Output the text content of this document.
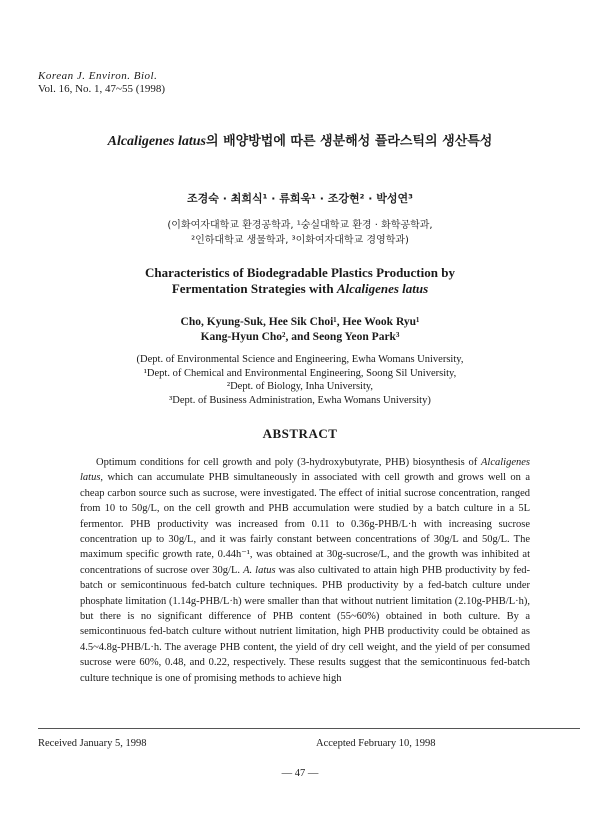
Korean J. Environ. Biol.
Vol. 16, No. 1, 47~55 (1998)
Alcaligenes latus의 배양방법에 따른 생분해성 플라스틱의 생산특성
조경숙 · 최희식¹ · 류희욱¹ · 조강현² · 박성연³
(이화여자대학교 환경공학과, ¹숭실대학교 환경 · 화학공학과,
²인하대학교 생물학과, ³이화여자대학교 경영학과)
Characteristics of Biodegradable Plastics Production by
Fermentation Strategies with Alcaligenes latus
Cho, Kyung-Suk, Hee Sik Choi¹, Hee Wook Ryu¹
Kang-Hyun Cho², and Seong Yeon Park³
(Dept. of Environmental Science and Engineering, Ewha Womans University,
¹Dept. of Chemical and Environmental Engineering, Soong Sil University,
²Dept. of Biology, Inha University,
³Dept. of Business Administration, Ewha Womans University)
ABSTRACT

Optimum conditions for cell growth and poly (3-hydroxybutyrate, PHB) biosynthesis of Alcaligenes latus, which can accumulate PHB simultaneously in associated with cell growth and grows well on a cheap carbon source such as sucrose, were investigated. The effect of initial sucrose concentration, ranged from 10 to 50g/L, on the cell growth and PHB accumulation were studied by a batch culture in a 5L fermentor. PHB productivity was increased from 0.11 to 0.36g-PHB/L·h with increasing sucrose concentration up to 30g/L, and it was fairly constant between concentrations of 30g/L and 50g/L. The maximum specific growth rate, 0.44h⁻¹, was obtained at 30g-sucrose/L, and the growth was inhibited at concentrations of sucrose over 30g/L. A. latus was also cultivated to attain high PHB productivity by fed-batch or semicontinuous fed-batch culture techniques. PHB productivity by a fed-batch culture under phosphate limitation (1.14g-PHB/L·h) were smaller than that without nutrient limitation (2.10g-PHB/L·h), but there is no significant difference of PHB content (55~60%) obtained in both culture. By a semicontinuous fed-batch culture without nutrient limitation, high PHB productivity could be obtained as 4.5~4.8g-PHB/L·h. The average PHB content, the yield of dry cell weight, and the yield of per consumed sucrose were 60%, 0.48, and 0.22, respectively. These results suggest that the semicontinuous fed-batch culture technique is one of promising methods to achieve high

Received January 5, 1998	Accepted February 10, 1998
— 47 —
